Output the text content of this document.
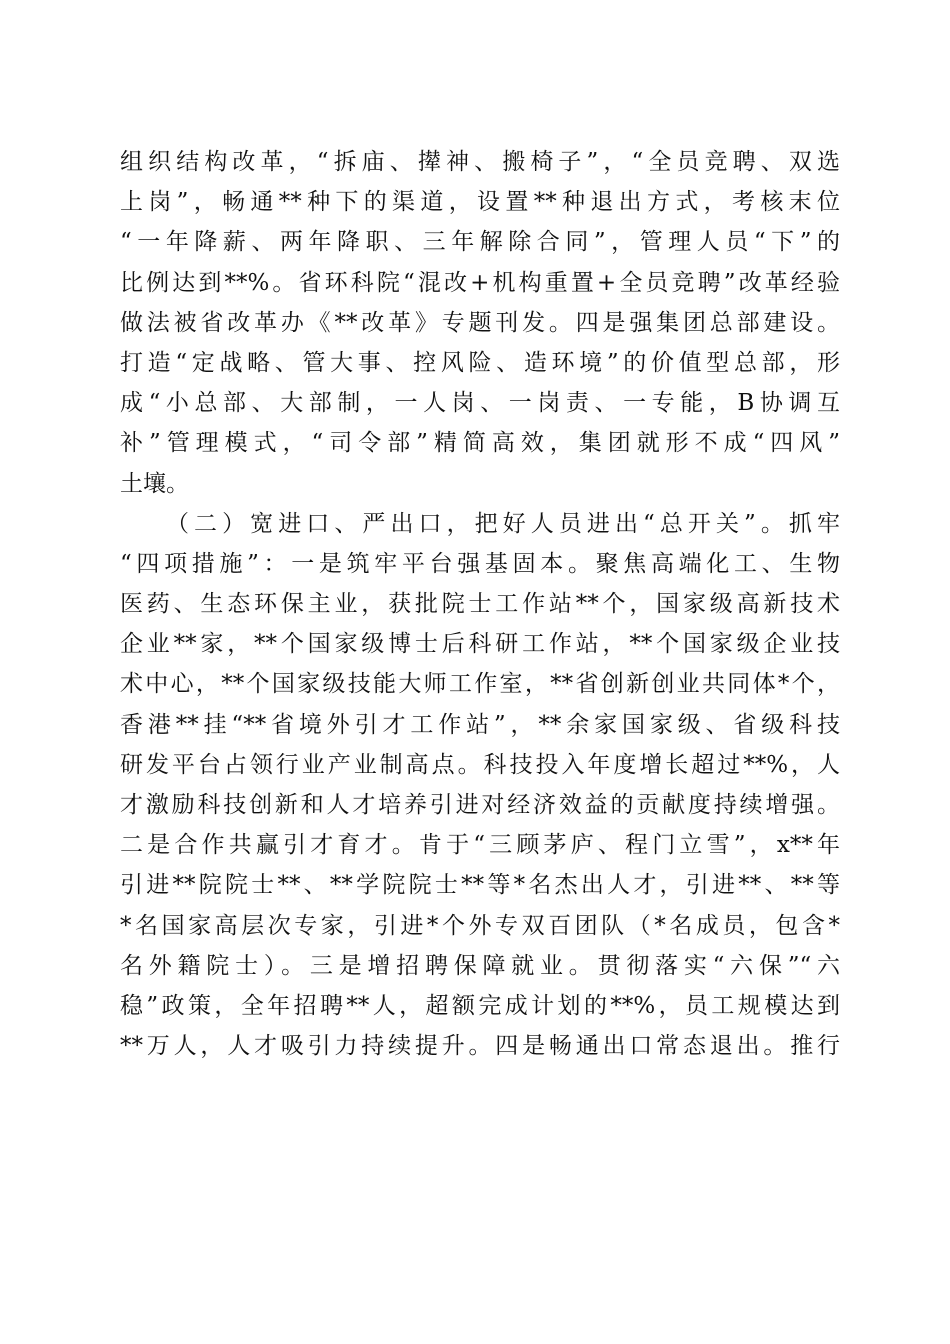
组织结构改革，“拆庙、撵神、搬椅子”，“全员竞聘、双选
上岗”，畅通**种下的渠道，设置**种退出方式，考核末位
“一年降薪、两年降职、三年解除合同”，管理人员“下”的
比例达到**%。省环科院“混改+机构重置+全员竞聘”改革经验
做法被省改革办《**改革》专题刊发。四是强集团总部建设。
打造“定战略、管大事、控风险、造环境”的价值型总部，形
成“小总部、大部制，一人岗、一岗责、一专能，B协调互
补”管理模式，“司令部”精简高效，集团就形不成“四风”
土壤。
（二）宽进口、严出口，把好人员进出“总开关”。抓牢
“四项措施”：一是筑牢平台强基固本。聚焦高端化工、生物
医药、生态环保主业，获批院士工作站**个，国家级高新技术
企业**家，**个国家级博士后科研工作站，**个国家级企业技
术中心，**个国家级技能大师工作室，**省创新创业共同体*个，
香港**挂“**省境外引才工作站”，**余家国家级、省级科技
研发平台占领行业产业制高点。科技投入年度增长超过**%，人
才激励科技创新和人才培养引进对经济效益的贡献度持续增强。
二是合作共赢引才育才。肯于“三顾茅庐、程门立雪”，x**年
引进**院院士**、**学院院士**等*名杰出人才，引进**、**等
*名国家高层次专家，引进*个外专双百团队（*名成员，包含*
名外籍院士）。三是增招聘保障就业。贯彻落实“六保”“六
稳”政策，全年招聘**人，超额完成计划的**%，员工规模达到
**万人，人才吸引力持续提升。四是畅通出口常态退出。推行
